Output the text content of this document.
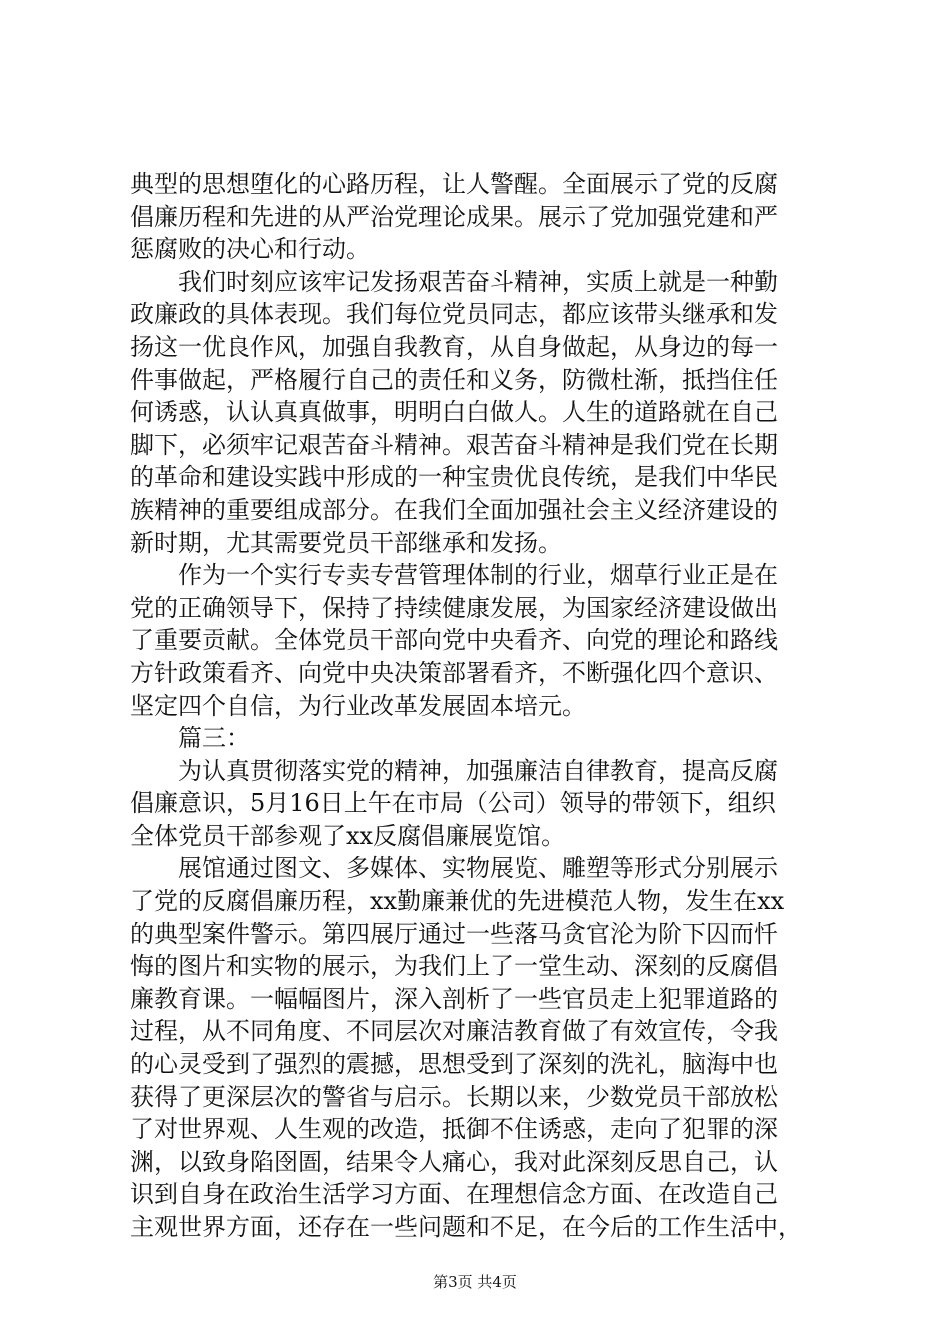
典型的思想堕化的心路历程，让人警醒。全面展示了党的反腐
倡廉历程和先进的从严治党理论成果。展示了党加强党建和严
惩腐败的决心和行动。
　　我们时刻应该牢记发扬艰苦奋斗精神，实质上就是一种勤
政廉政的具体表现。我们每位党员同志，都应该带头继承和发
扬这一优良作风，加强自我教育，从自身做起，从身边的每一
件事做起，严格履行自己的责任和义务，防微杜渐，抵挡住任
何诱惑，认认真真做事，明明白白做人。人生的道路就在自己
脚下，必须牢记艰苦奋斗精神。艰苦奋斗精神是我们党在长期
的革命和建设实践中形成的一种宝贵优良传统，是我们中华民
族精神的重要组成部分。在我们全面加强社会主义经济建设的
新时期，尤其需要党员干部继承和发扬。
　　作为一个实行专卖专营管理体制的行业，烟草行业正是在
党的正确领导下，保持了持续健康发展，为国家经济建设做出
了重要贡献。全体党员干部向党中央看齐、向党的理论和路线
方针政策看齐、向党中央决策部署看齐，不断强化四个意识、
坚定四个自信，为行业改革发展固本培元。
　　篇三：
　　为认真贯彻落实党的精神，加强廉洁自律教育，提高反腐
倡廉意识，5月16日上午在市局（公司）领导的带领下，组织
全体党员干部参观了xx反腐倡廉展览馆。
　　展馆通过图文、多媒体、实物展览、雕塑等形式分别展示
了党的反腐倡廉历程，xx勤廉兼优的先进模范人物，发生在xx
的典型案件警示。第四展厅通过一些落马贪官沦为阶下囚而忏
悔的图片和实物的展示，为我们上了一堂生动、深刻的反腐倡
廉教育课。一幅幅图片，深入剖析了一些官员走上犯罪道路的
过程，从不同角度、不同层次对廉洁教育做了有效宣传，令我
的心灵受到了强烈的震撼，思想受到了深刻的洗礼，脑海中也
获得了更深层次的警省与启示。长期以来，少数党员干部放松
了对世界观、人生观的改造，抵御不住诱惑，走向了犯罪的深
渊，以致身陷囹圄，结果令人痛心，我对此深刻反思自己，认
识到自身在政治生活学习方面、在理想信念方面、在改造自己
主观世界方面，还存在一些问题和不足，在今后的工作生活中，
第3页 共4页
